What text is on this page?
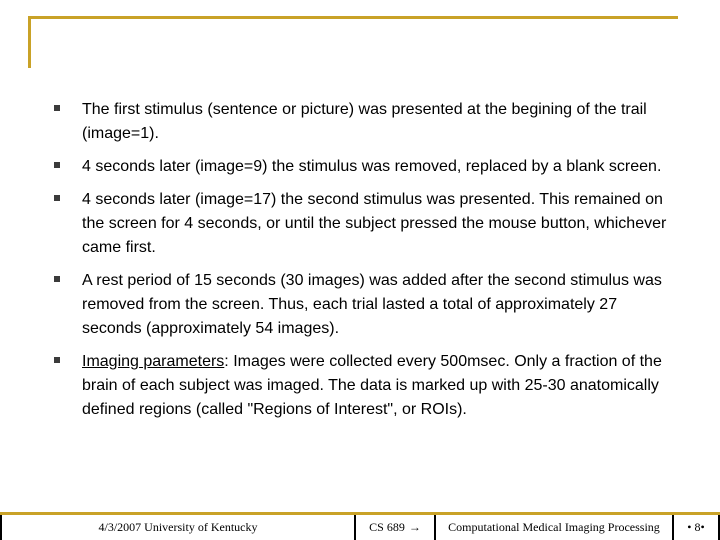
The first stimulus (sentence or picture) was presented at the begining of the trail (image=1).
4 seconds later (image=9) the stimulus was removed, replaced by a blank screen.
4 seconds later (image=17) the second stimulus was presented. This remained on the screen for 4 seconds, or until the subject pressed the mouse button, whichever came first.
A rest period of 15 seconds (30 images) was added after the second stimulus was removed from the screen. Thus, each trial lasted a total of approximately 27 seconds (approximately 54 images).
Imaging parameters: Images were collected every 500msec. Only a fraction of the brain of each subject was imaged. The data is marked up with 25-30 anatomically defined regions (called "Regions of Interest", or ROIs).
4/3/2007 University of Kentucky	CS 689 →	Computational Medical Imaging Processing	• 8•
